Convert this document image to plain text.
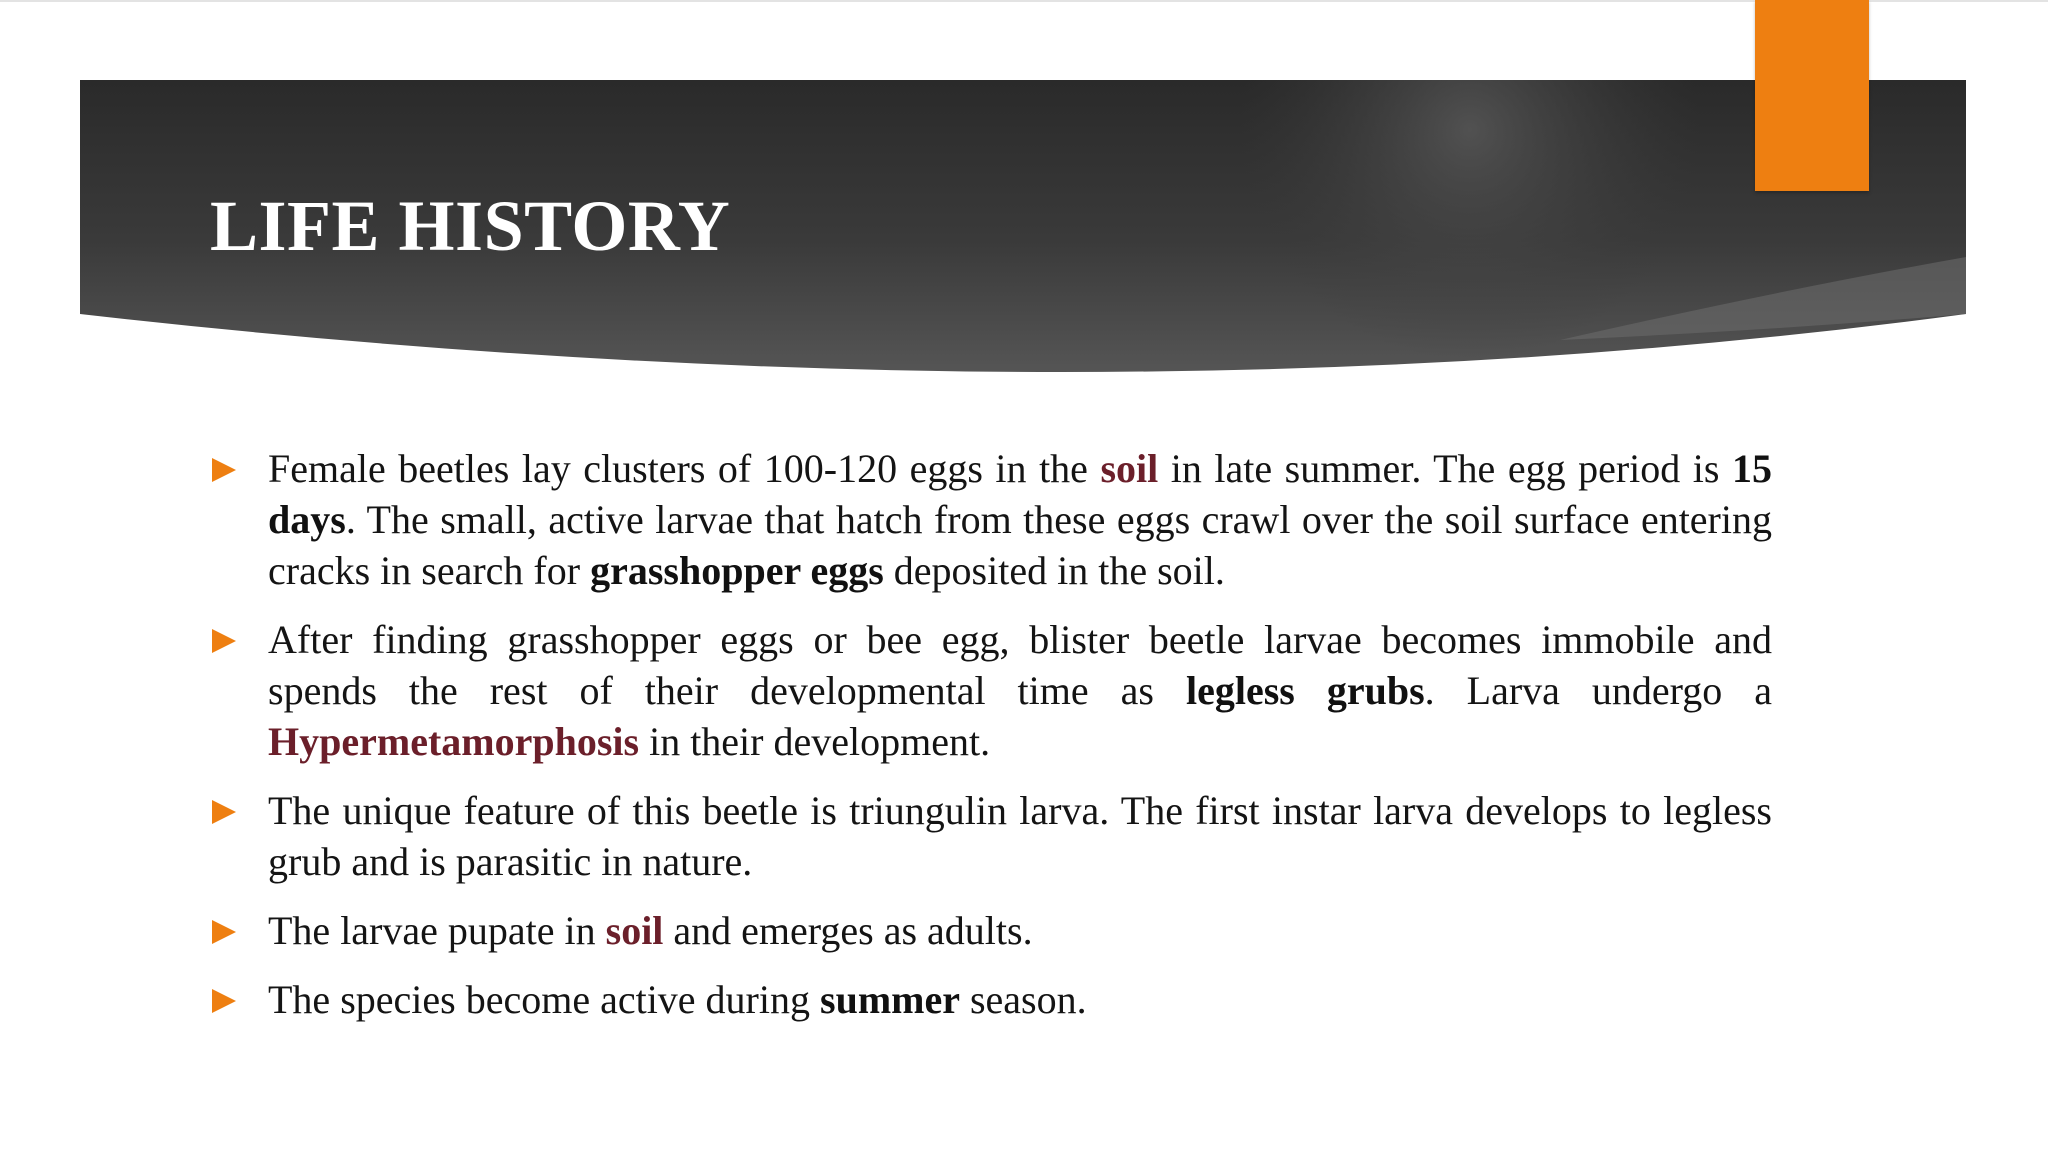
LIFE HISTORY
Female beetles lay clusters of 100-120 eggs in the soil in late summer. The egg period is 15 days. The small, active larvae that hatch from these eggs crawl over the soil surface entering cracks in search for grasshopper eggs deposited in the soil.
After finding grasshopper eggs or bee egg, blister beetle larvae becomes immobile and spends the rest of their developmental time as legless grubs. Larva undergo a Hypermetamorphosis in their development.
The unique feature of this beetle is triungulin larva. The first instar larva develops to legless grub and is parasitic in nature.
The larvae pupate in soil and emerges as adults.
The species become active during summer season.
